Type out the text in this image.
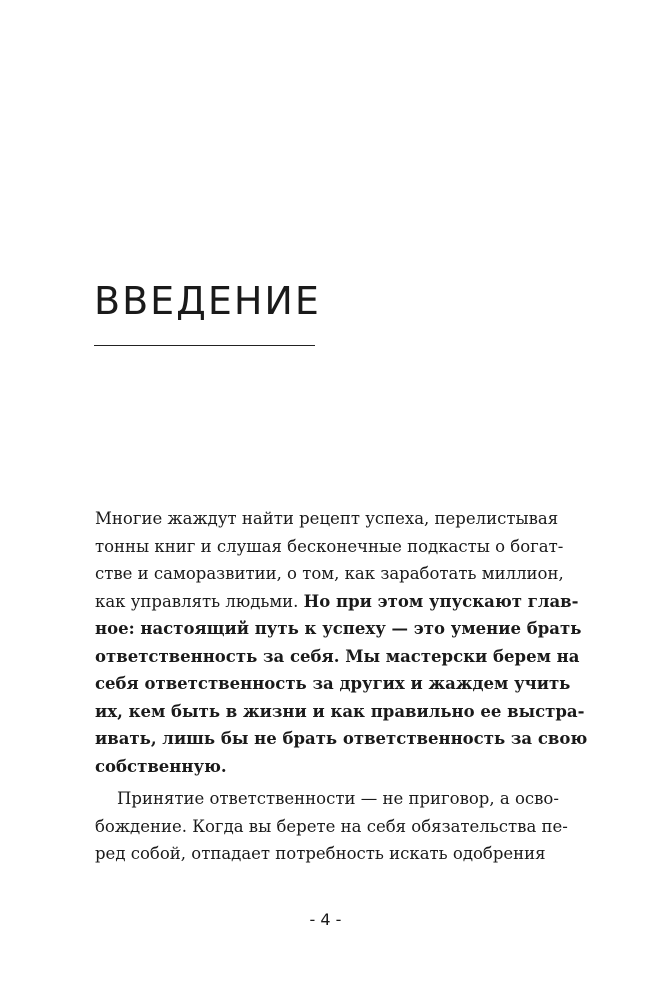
ВВЕДЕНИЕ
Многие жаждут найти рецепт успеха, перелистывая
тонны книг и слушая бесконечные подкасты о богат-
стве и саморазвитии, о том, как заработать миллион,
как управлять людьми. Но при этом упускают глав-
ное: настоящий путь к успеху — это умение брать
ответственность за себя. Мы мастерски берем на
себя ответственность за других и жаждем учить
их, кем быть в жизни и как правильно ее выстра-
ивать, лишь бы не брать ответственность за свою
собственную.
Принятие ответственности — не приговор, а осво-
бождение. Когда вы берете на себя обязательства пе-
ред собой, отпадает потребность искать одобрения
- 4 -
